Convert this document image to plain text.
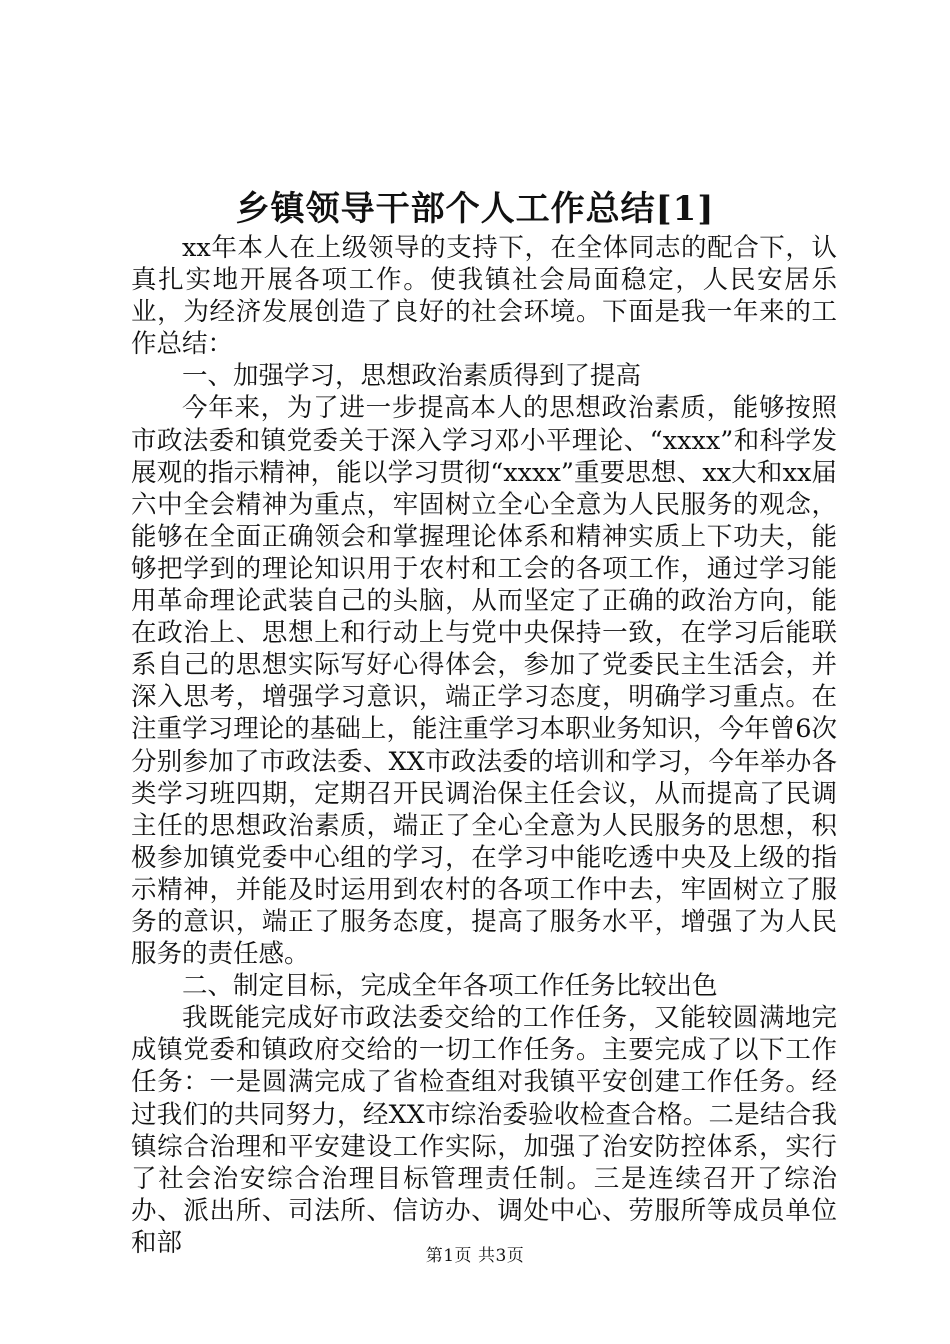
乡镇领导干部个人工作总结[1]

xx年本人在上级领导的支持下，在全体同志的配合下，认真扎实地开展各项工作。使我镇社会局面稳定，人民安居乐业，为经济发展创造了良好的社会环境。下面是我一年来的工作总结：

一、加强学习，思想政治素质得到了提高

今年来，为了进一步提高本人的思想政治素质，能够按照市政法委和镇党委关于深入学习邓小平理论、“xxxx”和科学发展观的指示精神，能以学习贯彻“xxxx”重要思想、xx大和xx届六中全会精神为重点，牢固树立全心全意为人民服务的观念，能够在全面正确领会和掌握理论体系和精神实质上下功夫，能够把学到的理论知识用于农村和工会的各项工作，通过学习能用革命理论武装自己的头脑，从而坚定了正确的政治方向，能在政治上、思想上和行动上与党中央保持一致，在学习后能联系自己的思想实际写好心得体会，参加了党委民主生活会，并深入思考，增强学习意识，端正学习态度，明确学习重点。在注重学习理论的基础上，能注重学习本职业务知识，今年曾6次分别参加了市政法委、XX市政法委的培训和学习，今年举办各类学习班四期，定期召开民调治保主任会议，从而提高了民调主任的思想政治素质，端正了全心全意为人民服务的思想，积极参加镇党委中心组的学习，在学习中能吃透中央及上级的指示精神，并能及时运用到农村的各项工作中去，牢固树立了服务的意识，端正了服务态度，提高了服务水平，增强了为人民服务的责任感。

二、制定目标，完成全年各项工作任务比较出色

我既能完成好市政法委交给的工作任务，又能较圆满地完成镇党委和镇政府交给的一切工作任务。主要完成了以下工作任务：一是圆满完成了省检查组对我镇平安创建工作任务。经过我们的共同努力，经XX市综治委验收检查合格。二是结合我镇综合治理和平安建设工作实际，加强了治安防控体系，实行了社会治安综合治理目标管理责任制。三是连续召开了综治办、派出所、司法所、信访办、调处中心、劳服所等成员单位和部	第1页 共3页
